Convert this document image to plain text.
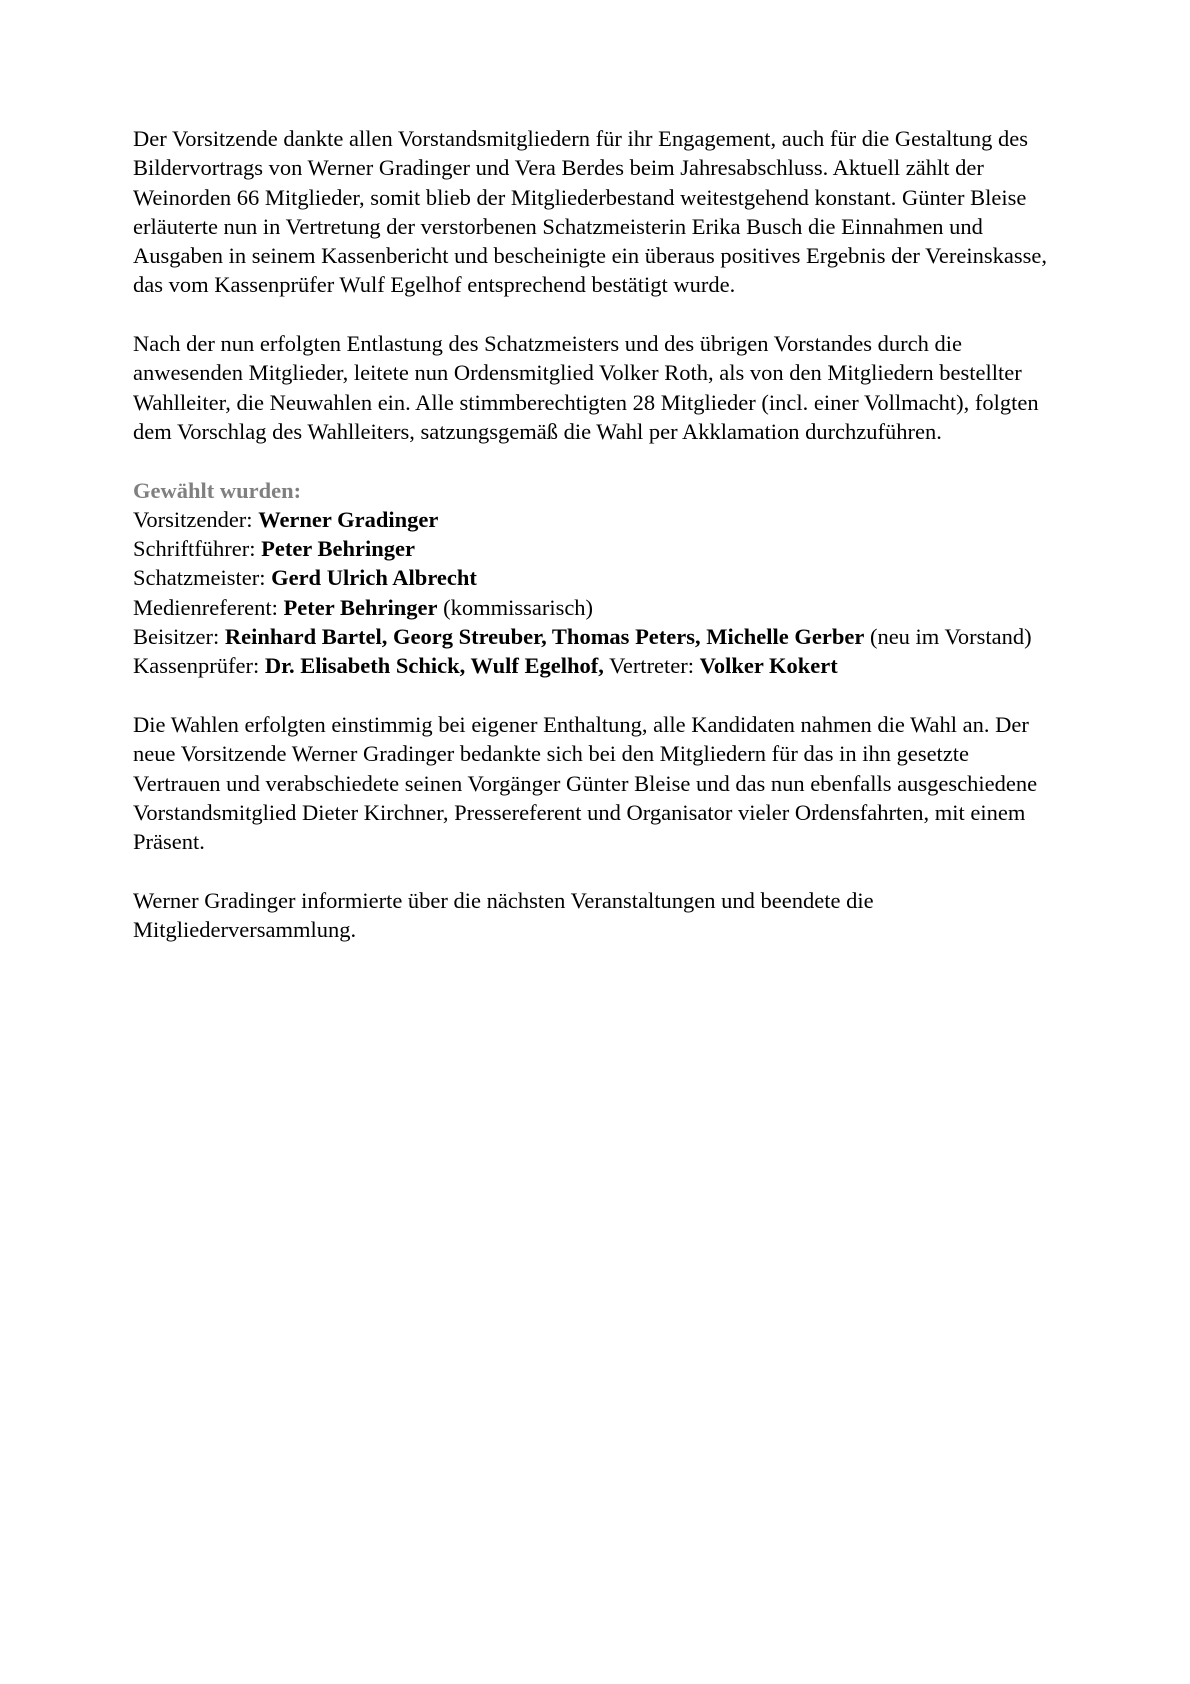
Der Vorsitzende dankte allen Vorstandsmitgliedern für ihr Engagement, auch für die Gestaltung des Bildervortrags von Werner Gradinger und Vera Berdes beim Jahresabschluss. Aktuell zählt der Weinorden 66 Mitglieder, somit blieb der Mitgliederbestand weitestgehend konstant. Günter Bleise erläuterte nun in Vertretung der verstorbenen Schatzmeisterin Erika Busch die Einnahmen und Ausgaben in seinem Kassenbericht und bescheinigte ein überaus positives Ergebnis der Vereinskasse, das vom Kassenprüfer Wulf Egelhof entsprechend bestätigt wurde.

Nach der nun erfolgten Entlastung des Schatzmeisters und des übrigen Vorstandes durch die anwesenden Mitglieder, leitete nun Ordensmitglied Volker Roth, als von den Mitgliedern bestellter Wahlleiter, die Neuwahlen ein. Alle stimmberechtigten 28 Mitglieder (incl. einer Vollmacht), folgten dem Vorschlag des Wahlleiters, satzungsgemäß die Wahl per Akklamation durchzuführen.

Gewählt wurden:
Vorsitzender: Werner Gradinger
Schriftführer: Peter Behringer
Schatzmeister: Gerd Ulrich Albrecht
Medienreferent: Peter Behringer (kommissarisch)
Beisitzer: Reinhard Bartel, Georg Streuber, Thomas Peters, Michelle Gerber (neu im Vorstand)
Kassenprüfer: Dr. Elisabeth Schick, Wulf Egelhof, Vertreter: Volker Kokert

Die Wahlen erfolgten einstimmig bei eigener Enthaltung, alle Kandidaten nahmen die Wahl an. Der neue Vorsitzende Werner Gradinger bedankte sich bei den Mitgliedern für das in ihn gesetzte Vertrauen und verabschiedete seinen Vorgänger Günter Bleise und das nun ebenfalls ausgeschiedene Vorstandsmitglied Dieter Kirchner, Pressereferent und Organisator vieler Ordensfahrten, mit einem Präsent.

Werner Gradinger informierte über die nächsten Veranstaltungen und beendete die Mitgliederversammlung.
